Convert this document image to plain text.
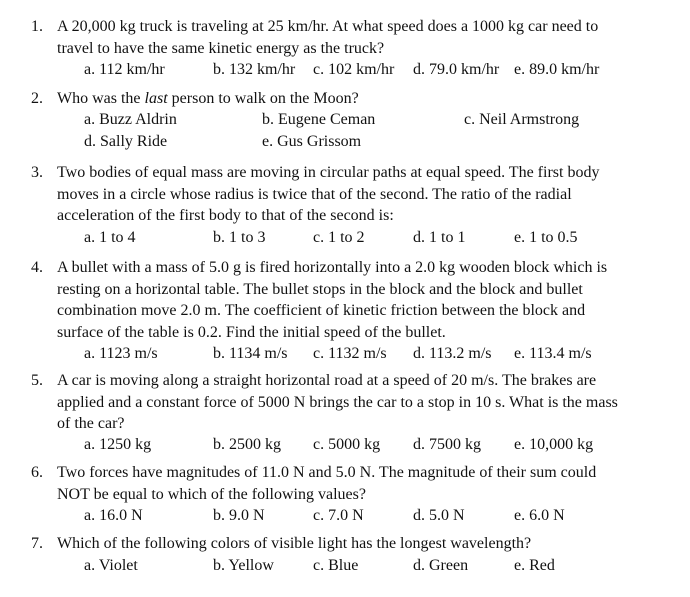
1. A 20,000 kg truck is traveling at 25 km/hr. At what speed does a 1000 kg car need to
travel to have the same kinetic energy as the truck?
a. 112 km/hr	b. 132 km/hr c. 102 km/hr d. 79.0 km/hr e. 89.0 km/hr
2. Who was the last person to walk on the Moon?
a. Buzz Aldrin	b. Eugene Ceman	c. Neil Armstrong
d. Sally Ride	e. Gus Grissom
3. Two bodies of equal mass are moving in circular paths at equal speed. The first body
moves in a circle whose radius is twice that of the second. The ratio of the radial
acceleration of the first body to that of the second is:
a. 1 to 4	b. 1 to 3	c. 1 to 2	d. 1 to 1	e. 1 to 0.5
4. A bullet with a mass of 5.0 g is fired horizontally into a 2.0 kg wooden block which is
resting on a horizontal table. The bullet stops in the block and the block and bullet
combination move 2.0 m. The coefficient of kinetic friction between the block and
surface of the table is 0.2. Find the initial speed of the bullet.
a. 1123 m/s	b. 1134 m/s c. 1132 m/s d. 113.2 m/s e. 113.4 m/s
5. A car is moving along a straight horizontal road at a speed of 20 m/s. The brakes are
applied and a constant force of 5000 N brings the car to a stop in 10 s. What is the mass
of the car?
a. 1250 kg	b. 2500 kg c. 5000 kg d. 7500 kg e. 10,000 kg
6. Two forces have magnitudes of 11.0 N and 5.0 N. The magnitude of their sum could
NOT be equal to which of the following values?
a. 16.0 N	b. 9.0 N	c. 7.0 N	d. 5.0 N	e. 6.0 N
7. Which of the following colors of visible light has the longest wavelength?
a. Violet	b. Yellow c. Blue	d. Green	e. Red
